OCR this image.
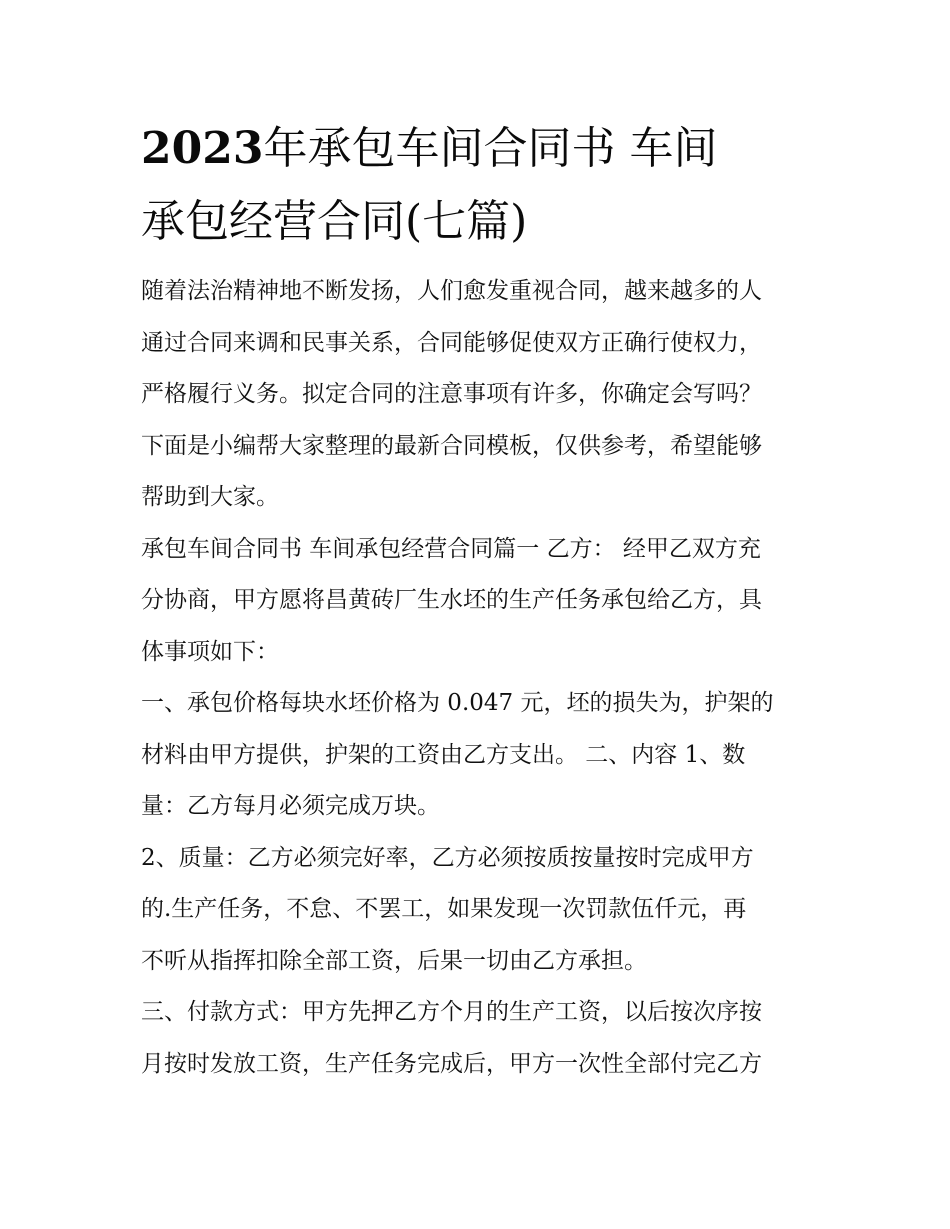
2023年承包车间合同书 车间
承包经营合同(七篇)

随着法治精神地不断发扬，人们愈发重视合同，越来越多的人
通过合同来调和民事关系，合同能够促使双方正确行使权力，
严格履行义务。拟定合同的注意事项有许多，你确定会写吗？
下面是小编帮大家整理的最新合同模板，仅供参考，希望能够
帮助到大家。

承包车间合同书 车间承包经营合同篇一 乙方： 经甲乙双方充
分协商，甲方愿将昌黄砖厂生水坯的生产任务承包给乙方，具
体事项如下：

一、承包价格每块水坯价格为 0.047 元，坯的损失为，护架的
材料由甲方提供，护架的工资由乙方支出。 二、内容 1、数
量：乙方每月必须完成万块。

2、质量：乙方必须完好率，乙方必须按质按量按时完成甲方
的.生产任务，不怠、不罢工，如果发现一次罚款伍仟元，再
不听从指挥扣除全部工资，后果一切由乙方承担。

三、付款方式：甲方先押乙方个月的生产工资，以后按次序按
月按时发放工资，生产任务完成后，甲方一次性全部付完乙方
